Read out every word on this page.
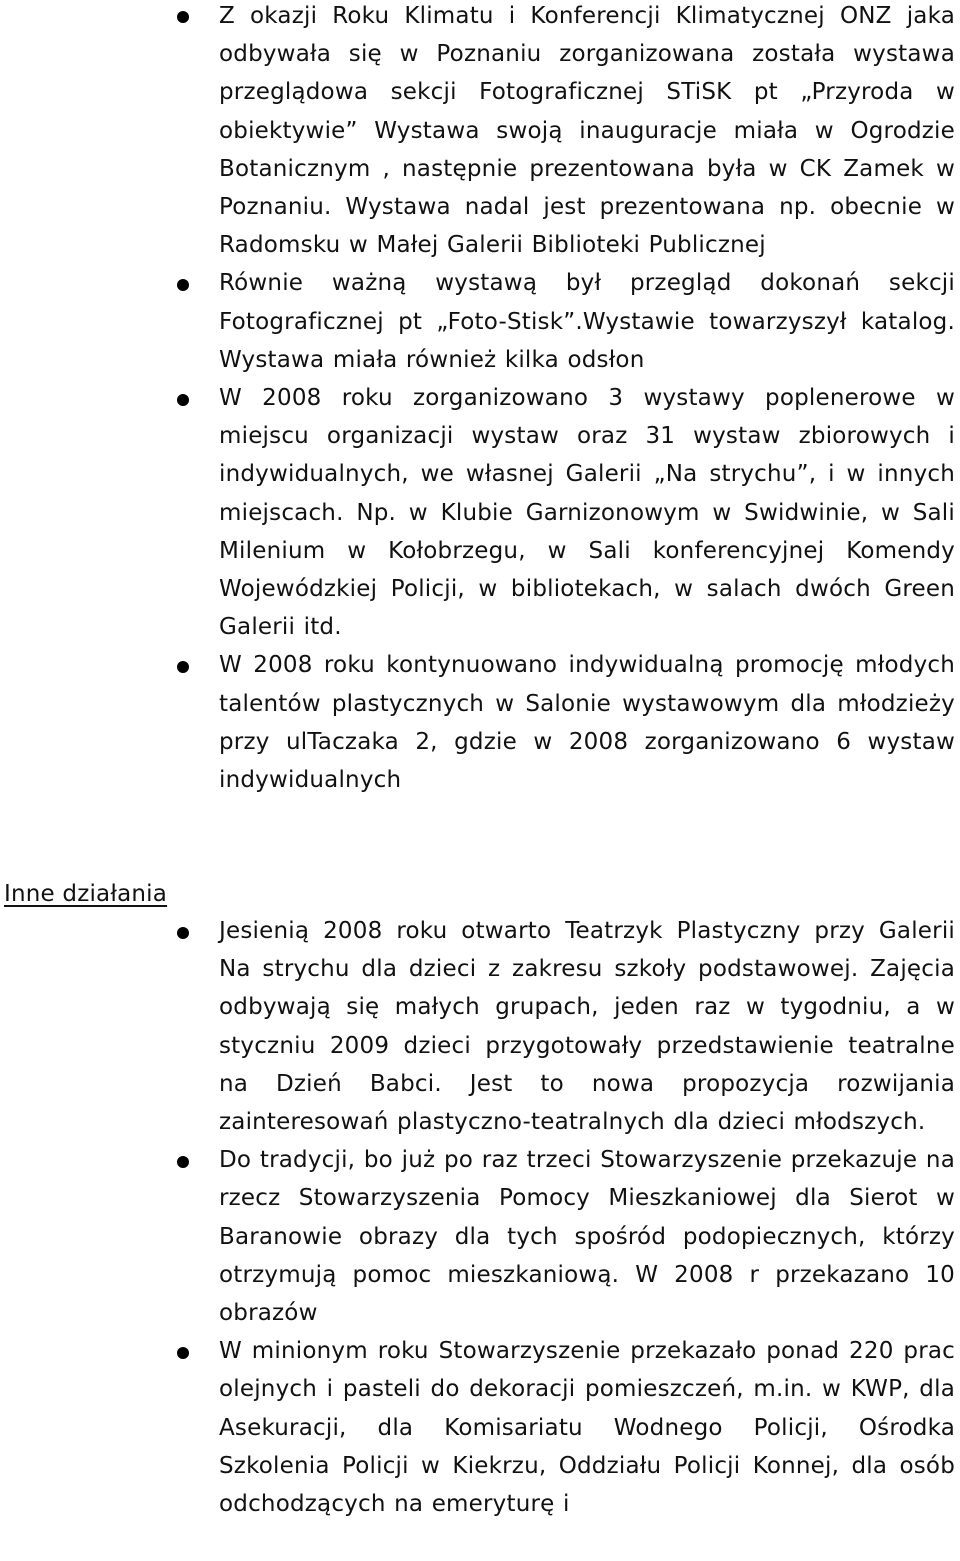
Z okazji Roku Klimatu i Konferencji Klimatycznej ONZ jaka odbywała się w Poznaniu zorganizowana została wystawa przeglądowa sekcji Fotograficznej STiSK pt „Przyroda w obiektywie” Wystawa swoją inauguracje miała w Ogrodzie Botanicznym , następnie prezentowana była w CK Zamek w Poznaniu. Wystawa nadal jest prezentowana np. obecnie w Radomsku w Małej Galerii Biblioteki Publicznej

Równie ważną wystawą był przegląd dokonań sekcji Fotograficznej pt „Foto-Stisk”.Wystawie towarzyszył katalog. Wystawa miała również kilka odsłon

W 2008 roku zorganizowano 3 wystawy poplenerowe w miejscu organizacji wystaw oraz 31 wystaw zbiorowych i indywidualnych, we własnej Galerii „Na strychu”, i w innych miejscach. Np. w Klubie Garnizonowym w Swidwinie, w Sali Milenium w Kołobrzegu, w Sali konferencyjnej Komendy Wojewódzkiej Policji, w bibliotekach, w salach dwóch Green Galerii itd.

W 2008 roku kontynuowano indywidualną promocję młodych talentów plastycznych w Salonie wystawowym dla młodzieży przy ulTaczaka 2, gdzie w 2008 zorganizowano 6 wystaw indywidualnych

Inne działania

Jesienią 2008 roku otwarto Teatrzyk Plastyczny przy Galerii Na strychu dla dzieci z zakresu szkoły podstawowej. Zajęcia odbywają się małych grupach, jeden raz w tygodniu, a w styczniu 2009 dzieci przygotowały przedstawienie teatralne na Dzień Babci. Jest to nowa propozycja rozwijania zainteresowań plastyczno-teatralnych dla dzieci młodszych.

Do tradycji, bo już po raz trzeci Stowarzyszenie przekazuje na rzecz Stowarzyszenia Pomocy Mieszkaniowej dla Sierot w Baranowie obrazy dla tych spośród podopiecznych, którzy otrzymują pomoc mieszkaniową. W 2008 r przekazano 10 obrazów

W minionym roku Stowarzyszenie przekazało ponad 220 prac olejnych i pasteli do dekoracji pomieszczeń, m.in. w KWP, dla Asekuracji, dla Komisariatu Wodnego Policji, Ośrodka Szkolenia Policji w Kiekrzu, Oddziału Policji Konnej, dla osób odchodzących na emeryturę i
